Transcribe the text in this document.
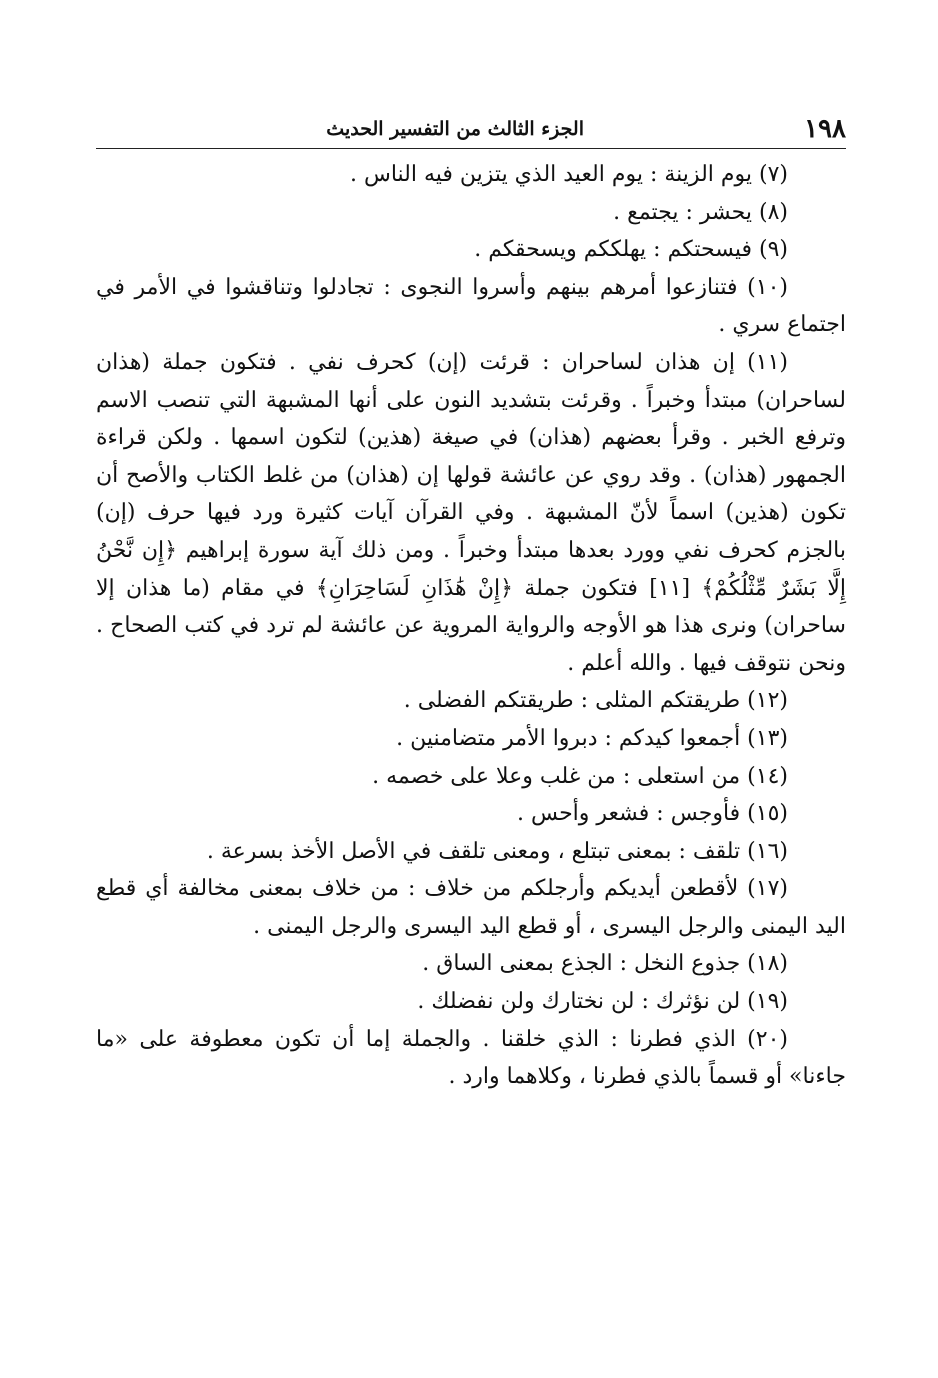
١٩٨
الجزء الثالث من التفسير الحديث

(٧) يوم الزينة : يوم العيد الذي يتزين فيه الناس .

(٨) يحشر : يجتمع .

(٩) فيسحتكم : يهلككم ويسحقكم .

(١٠) فتنازعوا أمرهم بينهم وأسروا النجوى : تجادلوا وتناقشوا في الأمر في اجتماع سري .

(١١) إن هذان لساحران : قرئت (إن) كحرف نفي . فتكون جملة (هذان لساحران) مبتدأ وخبراً . وقرئت بتشديد النون على أنها المشبهة التي تنصب الاسم وترفع الخبر . وقرأ بعضهم (هذان) في صيغة (هذين) لتكون اسمها . ولكن قراءة الجمهور (هذان) . وقد روي عن عائشة قولها إن (هذان) من غلط الكتاب والأصح أن تكون (هذين) اسماً لأنّ المشبهة . وفي القرآن آيات كثيرة ورد فيها حرف (إن) بالجزم كحرف نفي وورد بعدها مبتدأ وخبراً . ومن ذلك آية سورة إبراهيم ﴿إِن نَّحْنُ إِلَّا بَشَرٌ مِّثْلُكُمْ﴾ [١١] فتكون جملة ﴿إِنْ هَٰذَانِ لَسَاحِرَانِ﴾ في مقام (ما هذان إلا ساحران) ونرى هذا هو الأوجه والرواية المروية عن عائشة لم ترد في كتب الصحاح . ونحن نتوقف فيها . والله أعلم .

(١٢) طريقتكم المثلى : طريقتكم الفضلى .

(١٣) أجمعوا كيدكم : دبروا الأمر متضامنين .

(١٤) من استعلى : من غلب وعلا على خصمه .

(١٥) فأوجس : فشعر وأحس .

(١٦) تلقف : بمعنى تبتلع ، ومعنى تلقف في الأصل الأخذ بسرعة .

(١٧) لأقطعن أيديكم وأرجلكم من خلاف : من خلاف بمعنى مخالفة أي قطع اليد اليمنى والرجل اليسرى ، أو قطع اليد اليسرى والرجل اليمنى .

(١٨) جذوع النخل : الجذع بمعنى الساق .

(١٩) لن نؤثرك : لن نختارك ولن نفضلك .

(٢٠) الذي فطرنا : الذي خلقنا . والجملة إما أن تكون معطوفة على «ما جاءنا» أو قسماً بالذي فطرنا ، وكلاهما وارد .
